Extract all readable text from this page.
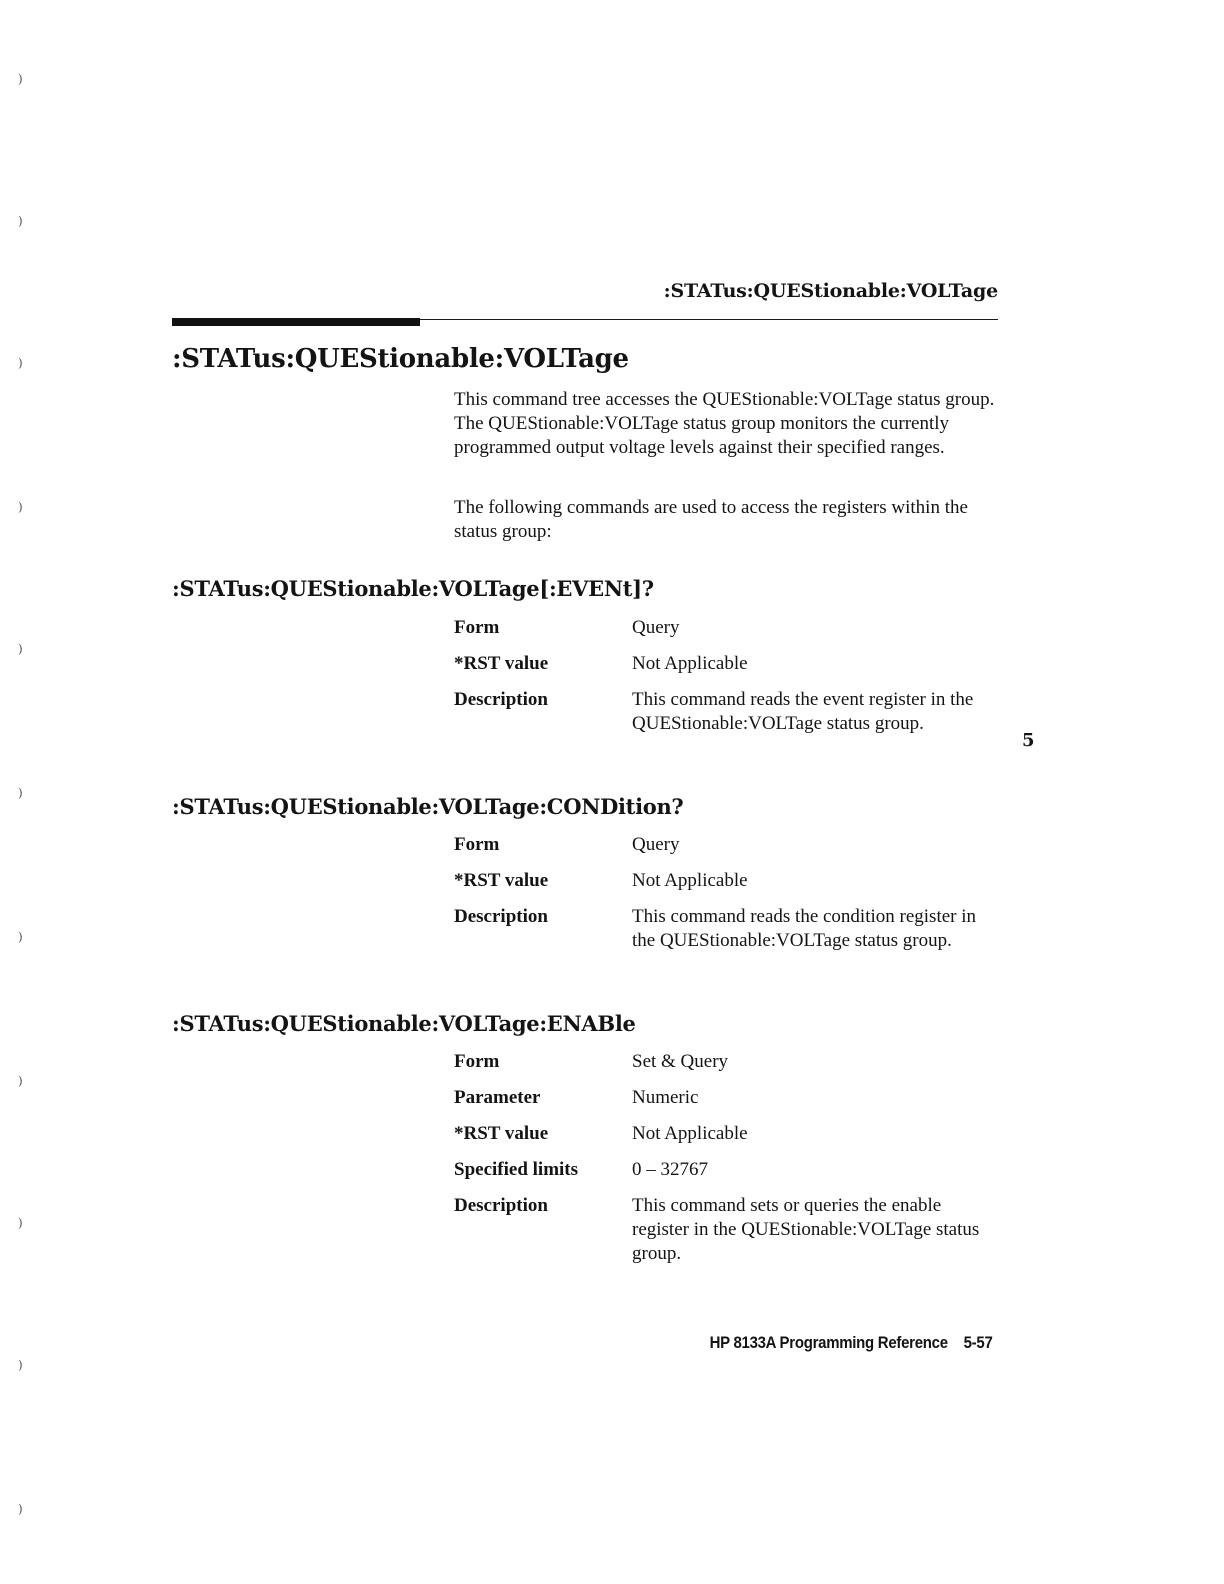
)
)
)
)
)
)
)
)
)
)
)
:STATus:QUEStionable:VOLTage
:STATus:QUEStionable:VOLTage

This command tree accesses the QUEStionable:VOLTage status group. The QUEStionable:VOLTage status group monitors the currently programmed output voltage levels against their specified ranges.

The following commands are used to access the registers within the status group:

:STATus:QUEStionable:VOLTage[:EVENt]?
Form	Query
*RST value	Not Applicable
Description	This command reads the event register in the QUEStionable:VOLTage status group.
5
:STATus:QUEStionable:VOLTage:CONDition?
Form	Query
*RST value	Not Applicable
Description	This command reads the condition register in the QUEStionable:VOLTage status group.
:STATus:QUEStionable:VOLTage:ENABle
Form	Set & Query
Parameter	Numeric
*RST value	Not Applicable
Specified limits	0 – 32767
Description	This command sets or queries the enable register in the QUEStionable:VOLTage status group.
HP 8133A Programming Reference 5-57
